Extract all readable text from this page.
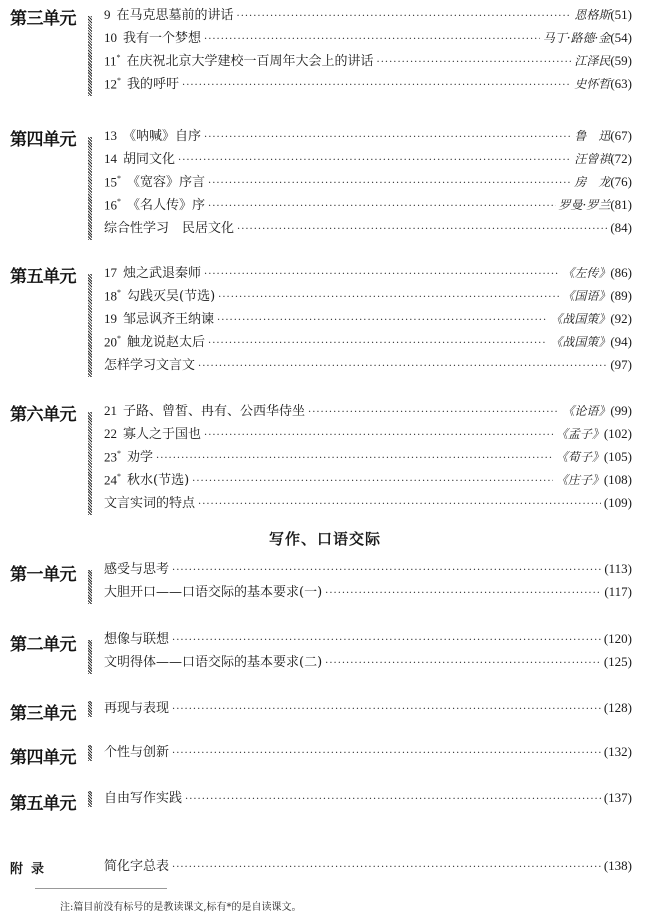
第三单元 9 在马克思墓前的讲话 ·····	恩格斯 (51)
10 我有一个梦想 ·····	马丁·路德·金 (54)
11* 在庆祝北京大学建校一百周年大会上的讲话 ·····	江泽民 (59)
12* 我的呼吁 ·····	史怀哲 (63)
第四单元 13 《呐喊》自序 ·····	鲁　迅 (67)
14 胡同文化 ·····	汪曾祺 (72)
15* 《宽容》序言 ·····	房　龙 (76)
16* 《名人传》序 ·····	罗曼·罗兰 (81)
综合性学习　民居文化 ·····	(84)
第五单元 17 烛之武退秦师 ·····	《左传》 (86)
18* 勾践灭吴(节选) ·····	《国语》 (89)
19 邹忌讽齐王纳谏 ·····	《战国策》 (92)
20* 触龙说赵太后 ·····	《战国策》 (94)
怎样学习文言文 ·····	(97)
第六单元 21 子路、曾皙、冉有、公西华侍坐 ·····	《论语》 (99)
22 寡人之于国也 ·····	《孟子》 (102)
23* 劝学 ·····	《荀子》 (105)
24* 秋水(节选) ·····	《庄子》 (108)
文言实词的特点 ·····	(109)
第一单元 感受与思考 ·····	(113)
大胆开口——口语交际的基本要求(一) ·····	(117)
第二单元 想像与联想 ·····	(120)
文明得体——口语交际的基本要求(二) ·····	(125)
第三单元 再现与表现 ·····	(128)
第四单元 个性与创新 ·····	(132)
第五单元 自由写作实践 ·····	(137)
写作、口语交际
附录	简化字总表 ·····	(138)
注:篇目前没有标号的是教读课文,标有*的是自读课文。
